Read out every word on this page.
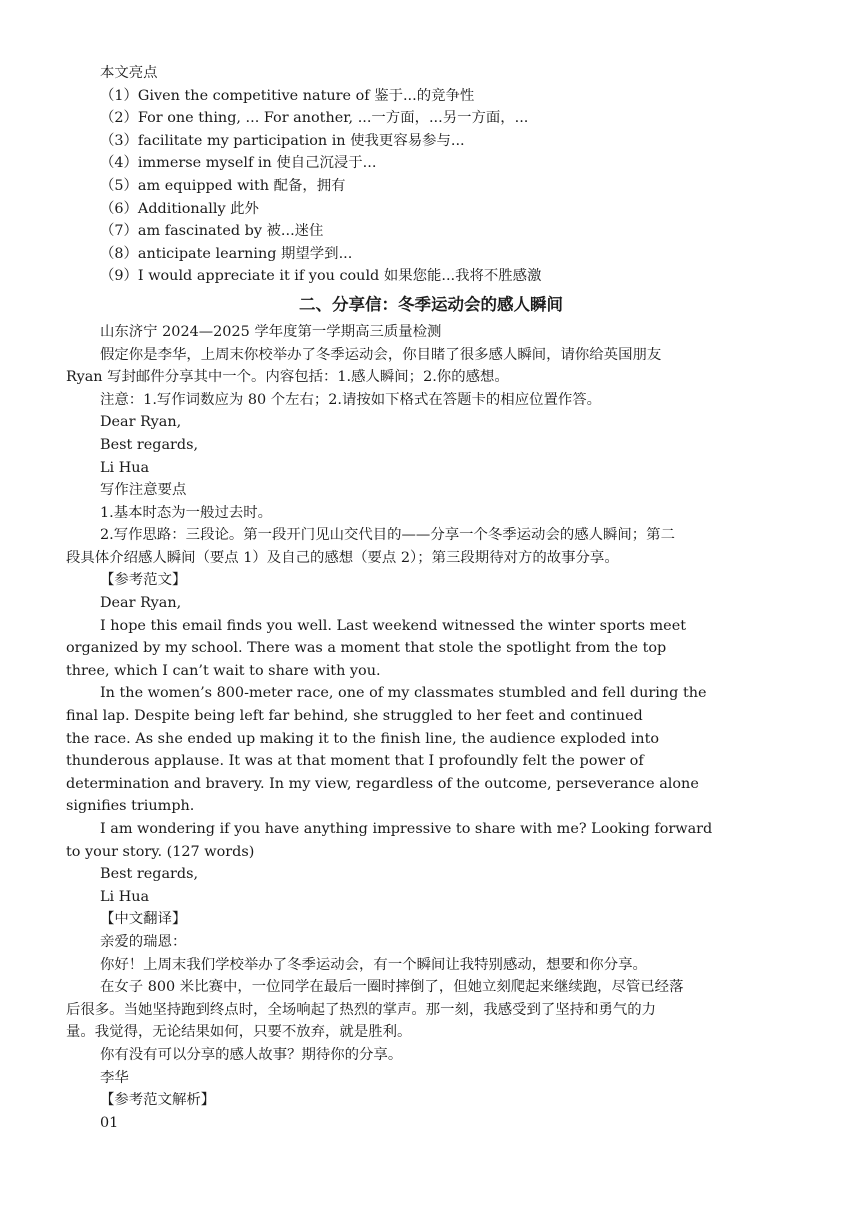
本文亮点
（1）Given the competitive nature of 鉴于...的竞争性
（2）For one thing, ... For another, ...一方面，...另一方面，...
（3）facilitate my participation in 使我更容易参与...
（4）immerse myself in 使自己沉浸于...
（5）am equipped with 配备，拥有
（6）Additionally 此外
（7）am fascinated by 被...迷住
（8）anticipate learning 期望学到...
（9）I would appreciate it if you could 如果您能...我将不胜感激
二、分享信：冬季运动会的感人瞬间
山东济宁 2024—2025 学年度第一学期高三质量检测
假定你是李华，上周末你校举办了冬季运动会，你目睹了很多感人瞬间，请你给英国朋友
Ryan 写封邮件分享其中一个。内容包括：1.感人瞬间；2.你的感想。
注意：1.写作词数应为 80 个左右；2.请按如下格式在答题卡的相应位置作答。
Dear Ryan,
Best regards,
Li Hua
写作注意要点
1.基本时态为一般过去时。
2.写作思路：三段论。第一段开门见山交代目的——分享一个冬季运动会的感人瞬间；第二
段具体介绍感人瞬间（要点 1）及自己的感想（要点 2）；第三段期待对方的故事分享。
【参考范文】
Dear Ryan,
I hope this email finds you well. Last weekend witnessed the winter sports meet
organized by my school. There was a moment that stole the spotlight from the top
three, which I can’t wait to share with you.
In the women’s 800-meter race, one of my classmates stumbled and fell during the
final lap. Despite being left far behind, she struggled to her feet and continued
the race. As she ended up making it to the finish line, the audience exploded into
thunderous applause. It was at that moment that I profoundly felt the power of
determination and bravery. In my view, regardless of the outcome, perseverance alone
signifies triumph.
I am wondering if you have anything impressive to share with me? Looking forward
to your story. (127 words)
Best regards,
Li Hua
【中文翻译】
亲爱的瑞恩：
你好！上周末我们学校举办了冬季运动会，有一个瞬间让我特别感动，想要和你分享。
在女子 800 米比赛中，一位同学在最后一圈时摔倒了，但她立刻爬起来继续跑，尽管已经落
后很多。当她坚持跑到终点时，全场响起了热烈的掌声。那一刻，我感受到了坚持和勇气的力
量。我觉得，无论结果如何，只要不放弃，就是胜利。
你有没有可以分享的感人故事？期待你的分享。
李华
【参考范文解析】
01
